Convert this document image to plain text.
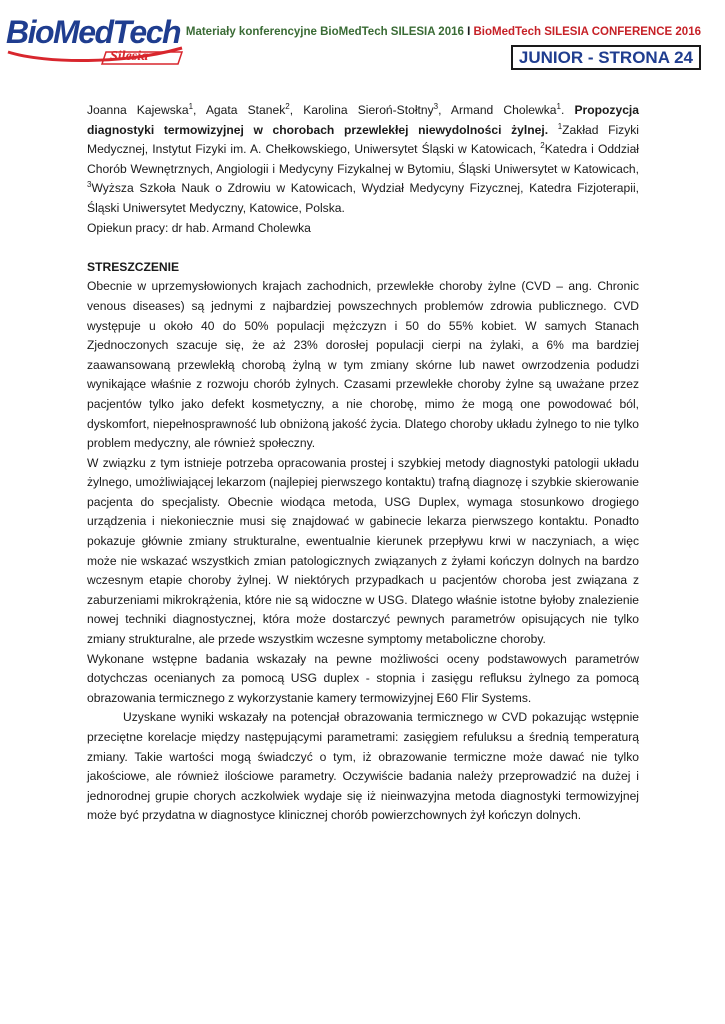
BioMedTech
Silesia
Materiały konferencyjne BioMedTech SILESIA 2016 I BioMedTech SILESIA CONFERENCE 2016
JUNIOR - STRONA 24

Joanna Kajewska$^1$, Agata Stanek$^2$, Karolina Sieroń-Stołtny$^3$, Armand Cholewka$^1$. Propozycja diagnostyki termowizyjnej w chorobach przewlekłej niewydolności żylnej. $^1$Zakład Fizyki Medycznej, Instytut Fizyki im. A. Chełkowskiego, Uniwersytet Śląski w Katowicach, $^2$Katedra i Oddział Chorób Wewnętrznych, Angiologii i Medycyny Fizykalnej w Bytomiu, Śląski Uniwersytet w Katowicach, $^3$Wyższa Szkoła Nauk o Zdrowiu w Katowicach, Wydział Medycyny Fizycznej, Katedra Fizjoterapii, Śląski Uniwersytet Medyczny, Katowice, Polska.

Opiekun pracy: dr hab. Armand Cholewka

STRESZCZENIE

Obecnie w uprzemysłowionych krajach zachodnich, przewlekłe choroby żylne (CVD – ang. Chronic venous diseases) są jednymi z najbardziej powszechnych problemów zdrowia publicznego. CVD występuje u około 40 do 50% populacji mężczyzn i 50 do 55% kobiet. W samych Stanach Zjednoczonych szacuje się, że aż 23% dorosłej populacji cierpi na żylaki, a 6% ma bardziej zaawansowaną przewlekłą chorobą żylną w tym zmiany skórne lub nawet owrzodzenia podudzi wynikające właśnie z rozwoju chorób żylnych. Czasami przewlekłe choroby żylne są uważane przez pacjentów tylko jako defekt kosmetyczny, a nie chorobę, mimo że mogą one powodować ból, dyskomfort, niepełnosprawność lub obniżoną jakość życia. Dlatego choroby układu żylnego to nie tylko problem medyczny, ale również społeczny.

W związku z tym istnieje potrzeba opracowania prostej i szybkiej metody diagnostyki patologii układu żylnego, umożliwiającej lekarzom (najlepiej pierwszego kontaktu) trafną diagnozę i szybkie skierowanie pacjenta do specjalisty. Obecnie wiodąca metoda, USG Duplex, wymaga stosunkowo drogiego urządzenia i niekoniecznie musi się znajdować w gabinecie lekarza pierwszego kontaktu. Ponadto pokazuje głównie zmiany strukturalne, ewentualnie kierunek przepływu krwi w naczyniach, a więc może nie wskazać wszystkich zmian patologicznych związanych z żyłami kończyn dolnych na bardzo wczesnym etapie choroby żylnej. W niektórych przypadkach u pacjentów choroba jest związana z zaburzeniami mikrokrążenia, które nie są widoczne w USG. Dlatego właśnie istotne byłoby znalezienie nowej techniki diagnostycznej, która może dostarczyć pewnych parametrów opisujących nie tylko zmiany strukturalne, ale przede wszystkim wczesne symptomy metaboliczne choroby.

Wykonane wstępne badania wskazały na pewne możliwości oceny podstawowych parametrów dotychczas ocenianych za pomocą USG duplex - stopnia i zasięgu refluksu żylnego za pomocą obrazowania termicznego z wykorzystanie kamery termowizyjnej E60 Flir Systems.

Uzyskane wyniki wskazały na potencjał obrazowania termicznego w CVD pokazując wstępnie przeciętne korelacje między następującymi parametrami: zasięgiem refuluksu a średnią temperaturą zmiany. Takie wartości mogą świadczyć o tym, iż obrazowanie termiczne może dawać nie tylko jakościowe, ale również ilościowe parametry. Oczywiście badania należy przeprowadzić na dużej i jednorodnej grupie chorych aczkolwiek wydaje się iż nieinwazyjna metoda diagnostyki termowizyjnej może być przydatna w diagnostyce klinicznej chorób powierzchownych żył kończyn dolnych.
